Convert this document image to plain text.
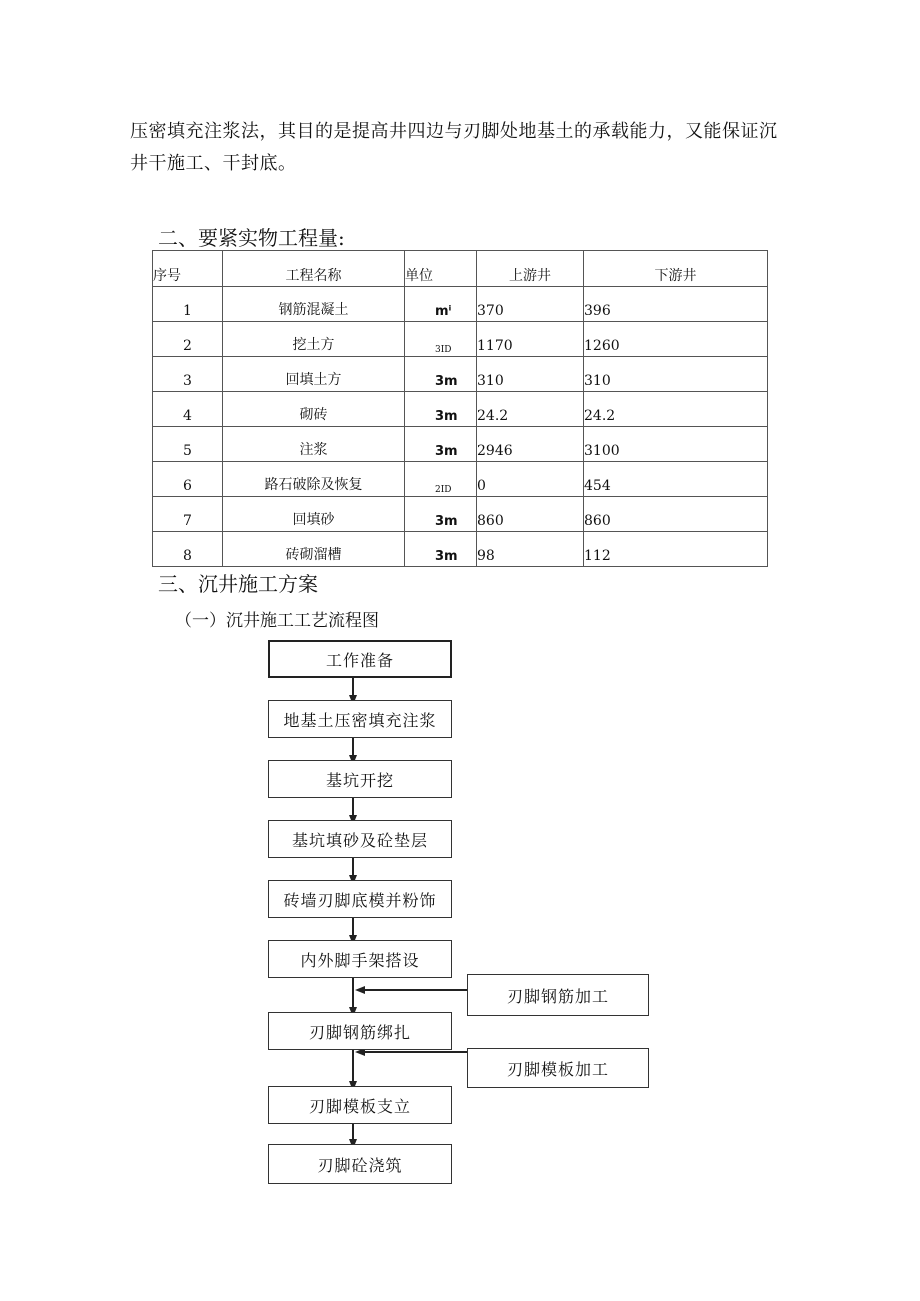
压密填充注浆法，其目的是提高井四边与刃脚处地基土的承载能力，又能保证沉井干施工、干封底。
二、要紧实物工程量:
序号	工程名称	单位	上游井	下游井
1	钢筋混凝土	mⁱ	370	396
2	挖土方	3ID	1170	1260
3	回填土方	3m	310	310
4	砌砖	3m	24.2	24.2
5	注浆	3m	2946	3100
6	路石破除及恢复	2ID	0	454
7	回填砂	3m	860	860
8	砖砌溜槽	3m	98	112
三、沉井施工方案
（一）沉井施工工艺流程图
工作准备
地基土压密填充注浆
基坑开挖
基坑填砂及砼垫层
砖墙刃脚底模并粉饰
内外脚手架搭设
刃脚钢筋绑扎
刃脚模板支立
刃脚砼浇筑
刃脚钢筋加工
刃脚模板加工
